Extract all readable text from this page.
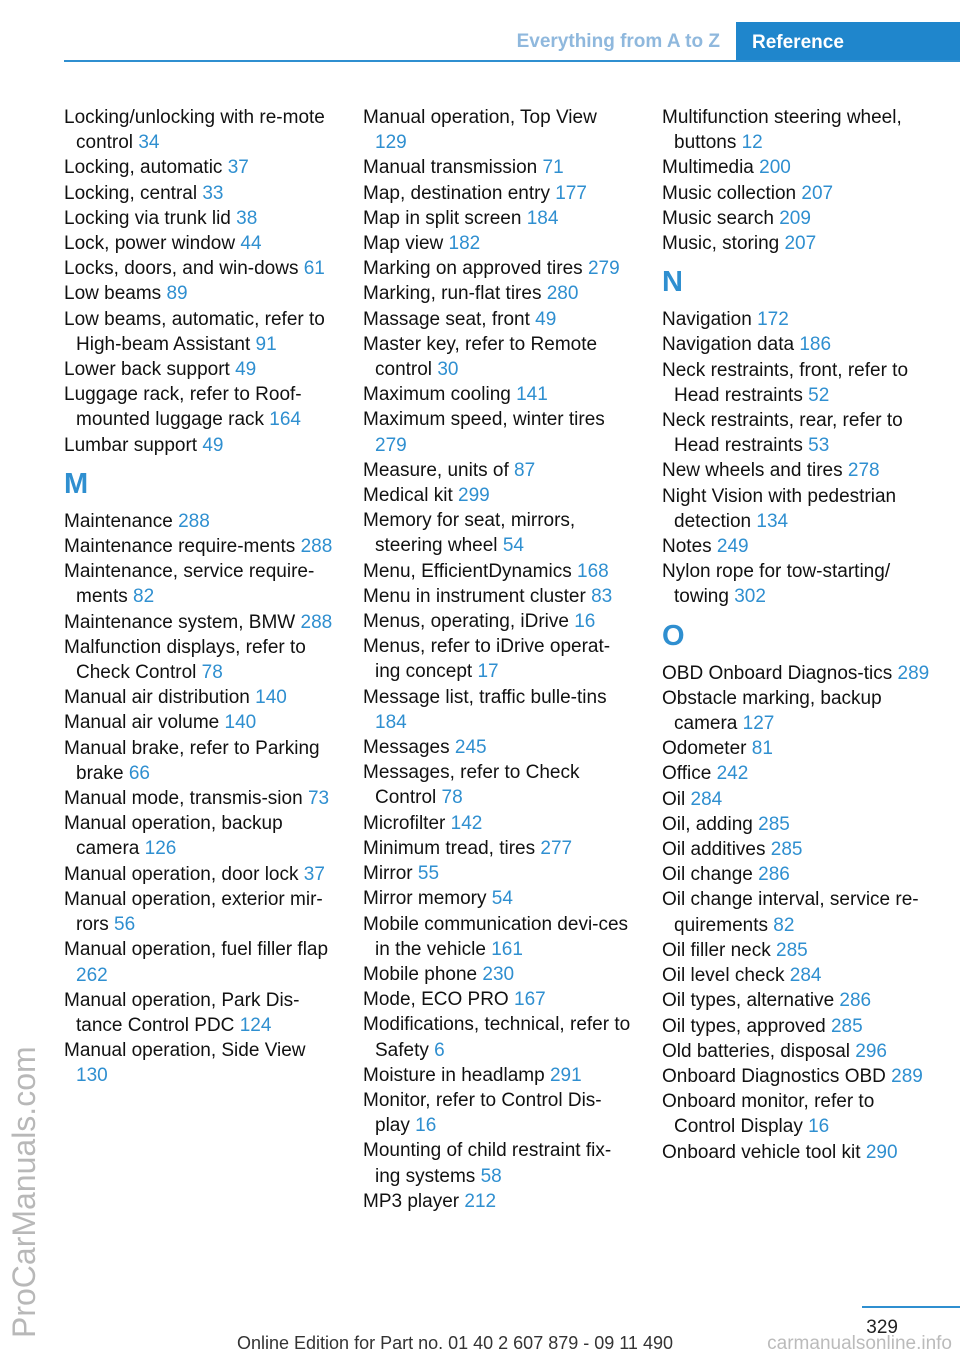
Everything from A to Z	Reference
Locking/unlocking with re-mote control 34
Locking, automatic 37
Locking, central 33
Locking via trunk lid 38
Lock, power window 44
Locks, doors, and win-dows 61
Low beams 89
Low beams, automatic, refer to High-beam Assistant 91
Lower back support 49
Luggage rack, refer to Roof-mounted luggage rack 164
Lumbar support 49
M
Maintenance 288
Maintenance require-ments 288
Maintenance, service require-ments 82
Maintenance system, BMW 288
Malfunction displays, refer to Check Control 78
Manual air distribution 140
Manual air volume 140
Manual brake, refer to Parking brake 66
Manual mode, transmis-sion 73
Manual operation, backup camera 126
Manual operation, door lock 37
Manual operation, exterior mir-rors 56
Manual operation, fuel filler flap 262
Manual operation, Park Dis-tance Control PDC 124
Manual operation, Side View 130
Manual operation, Top View 129
Manual transmission 71
Map, destination entry 177
Map in split screen 184
Map view 182
Marking on approved tires 279
Marking, run-flat tires 280
Massage seat, front 49
Master key, refer to Remote control 30
Maximum cooling 141
Maximum speed, winter tires 279
Measure, units of 87
Medical kit 299
Memory for seat, mirrors, steering wheel 54
Menu, EfficientDynamics 168
Menu in instrument cluster 83
Menus, operating, iDrive 16
Menus, refer to iDrive operat-ing concept 17
Message list, traffic bulle-tins 184
Messages 245
Messages, refer to Check Control 78
Microfilter 142
Minimum tread, tires 277
Mirror 55
Mirror memory 54
Mobile communication devi-ces in the vehicle 161
Mobile phone 230
Mode, ECO PRO 167
Modifications, technical, refer to Safety 6
Moisture in headlamp 291
Monitor, refer to Control Dis-play 16
Mounting of child restraint fix-ing systems 58
MP3 player 212
Multifunction steering wheel, buttons 12
Multimedia 200
Music collection 207
Music search 209
Music, storing 207
N
Navigation 172
Navigation data 186
Neck restraints, front, refer to Head restraints 52
Neck restraints, rear, refer to Head restraints 53
New wheels and tires 278
Night Vision with pedestrian detection 134
Notes 249
Nylon rope for tow-starting/ towing 302
O
OBD Onboard Diagnos-tics 289
Obstacle marking, backup camera 127
Odometer 81
Office 242
Oil 284
Oil, adding 285
Oil additives 285
Oil change 286
Oil change interval, service re-quirements 82
Oil filler neck 285
Oil level check 284
Oil types, alternative 286
Oil types, approved 285
Old batteries, disposal 296
Onboard Diagnostics OBD 289
Onboard monitor, refer to Control Display 16
Onboard vehicle tool kit 290
ProCarManuals.com	329
Online Edition for Part no. 01 40 2 607 879 - 09 11 490	carmanualsonline.info
